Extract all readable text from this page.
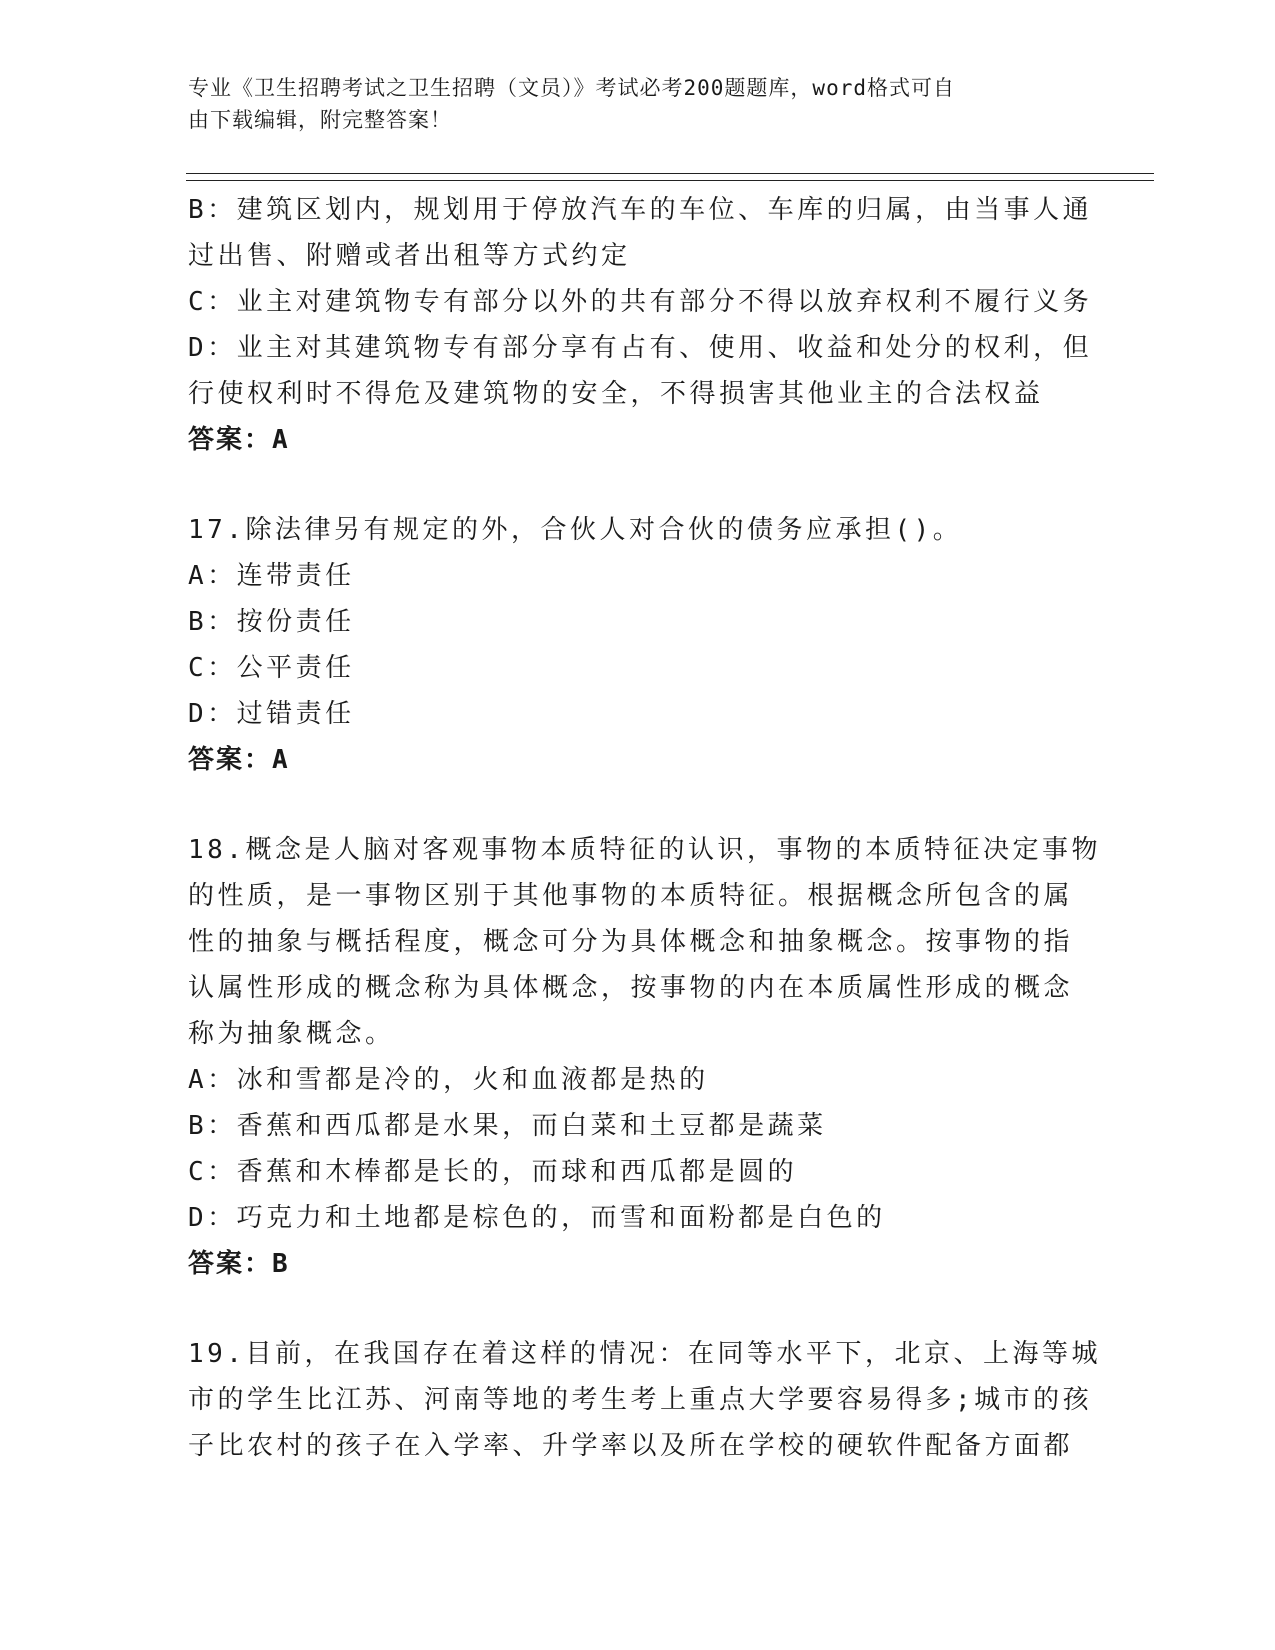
专业《卫生招聘考试之卫生招聘（文员）》考试必考200题题库，word格式可自
由下载编辑，附完整答案！
B：建筑区划内，规划用于停放汽车的车位、车库的归属，由当事人通
过出售、附赠或者出租等方式约定
C：业主对建筑物专有部分以外的共有部分不得以放弃权利不履行义务
D：业主对其建筑物专有部分享有占有、使用、收益和处分的权利，但
行使权利时不得危及建筑物的安全，不得损害其他业主的合法权益
答案：A
17.除法律另有规定的外，合伙人对合伙的债务应承担()。
A：连带责任
B：按份责任
C：公平责任
D：过错责任
答案：A
18.概念是人脑对客观事物本质特征的认识，事物的本质特征决定事物
的性质，是一事物区别于其他事物的本质特征。根据概念所包含的属
性的抽象与概括程度，概念可分为具体概念和抽象概念。按事物的指
认属性形成的概念称为具体概念，按事物的内在本质属性形成的概念
称为抽象概念。
A：冰和雪都是冷的，火和血液都是热的
B：香蕉和西瓜都是水果，而白菜和土豆都是蔬菜
C：香蕉和木棒都是长的，而球和西瓜都是圆的
D：巧克力和土地都是棕色的，而雪和面粉都是白色的
答案：B
19.目前，在我国存在着这样的情况：在同等水平下，北京、上海等城
市的学生比江苏、河南等地的考生考上重点大学要容易得多;城市的孩
子比农村的孩子在入学率、升学率以及所在学校的硬软件配备方面都
